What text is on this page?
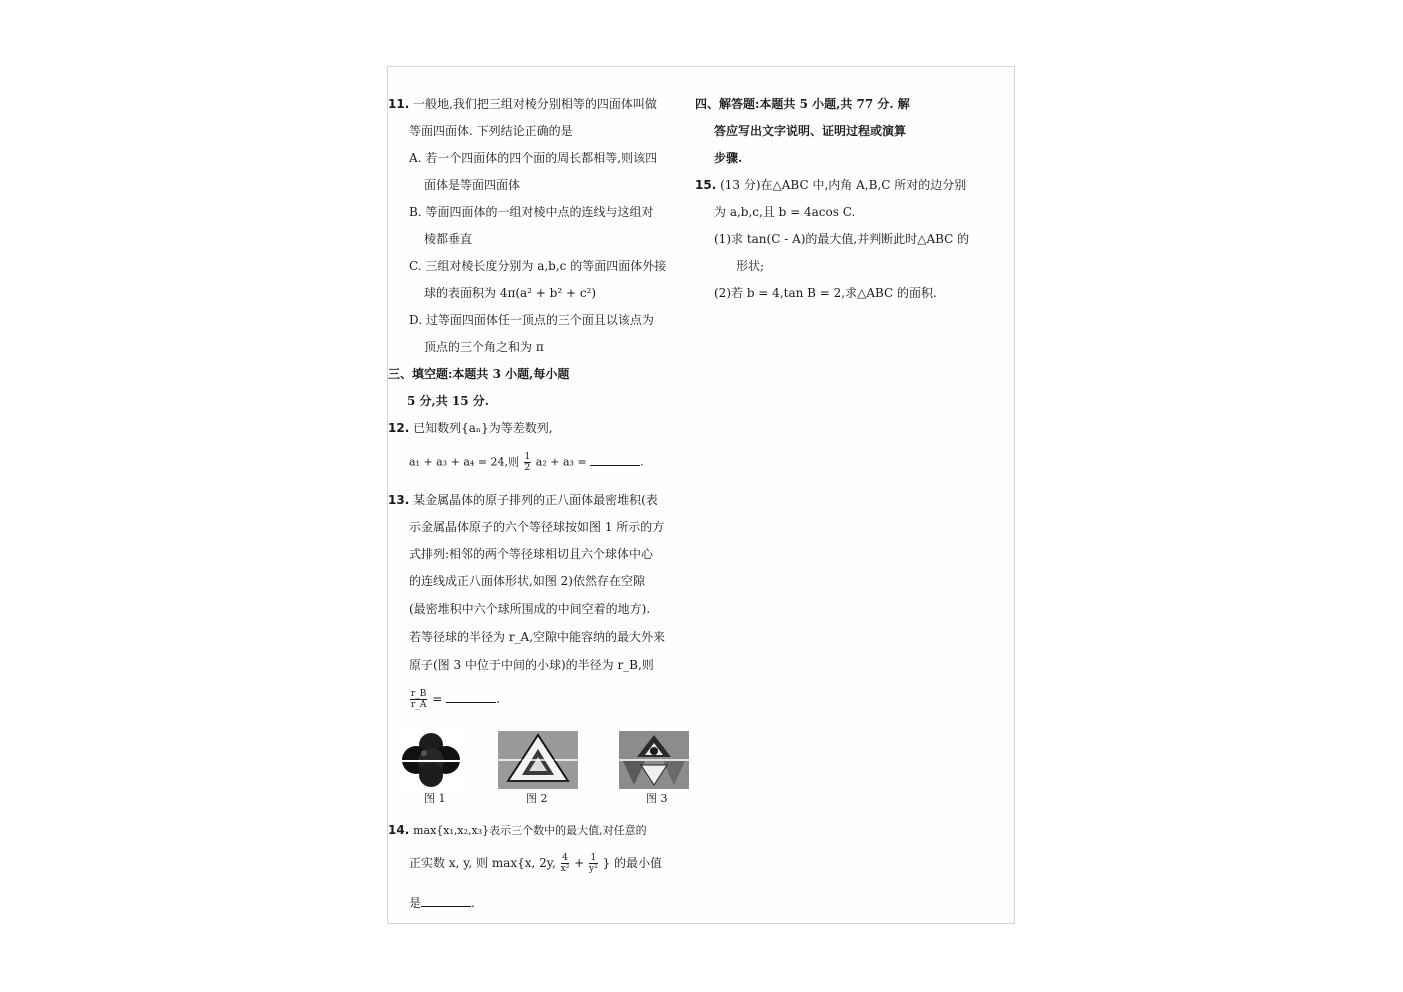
11. 一般地,我们把三组对棱分别相等的四面体叫做
等面四面体. 下列结论正确的是
A. 若一个四面体的四个面的周长都相等,则该四
面体是等面四面体
B. 等面四面体的一组对棱中点的连线与这组对
棱都垂直
C. 三组对棱长度分别为 a,b,c 的等面四面体外接
球的表面积为 4π(a² + b² + c²)
D. 过等面四面体任一顶点的三个面且以该点为
顶点的三个角之和为 π
三、填空题:本题共 3 小题,每小题
5 分,共 15 分.
12. 已知数列{aₙ}为等差数列,
a₁ + a₃ + a₄ = 24,则 $\frac{1}{2} a_2 + a_3$ =	.
13. 某金属晶体的原子排列的正八面体最密堆积(表
示金属晶体原子的六个等径球按如图 1 所示的方
式排列:相邻的两个等径球相切且六个球体中心
的连线成正八面体形状,如图 2)依然存在空隙
(最密堆积中六个球所围成的中间空着的地方).
若等径球的半径为 r_A,空隙中能容纳的最大外来
原子(图 3 中位于中间的小球)的半径为 r_B,则
$\frac{r\_B}{r\_A}$ =	.
图 1	图 2	图 3
14. max{x₁,x₂,x₃}表示三个数中的最大值,对任意的
正实数 x, y, 则 max{x, 2y, $\frac{4}{\text{x²}} + \frac{1}{\text{y²}}$ } 的最小值
是	.
四、解答题:本题共 5 小题,共 77 分. 解
答应写出文字说明、证明过程或演算
步骤.
15. (13 分)在△ABC 中,内角 A,B,C 所对的边分别
为 a,b,c,且 b = 4acos C.
(1)求 tan(C - A)的最大值,并判断此时△ABC 的
形状;
(2)若 b = 4,tan B = 2,求△ABC 的面积.
